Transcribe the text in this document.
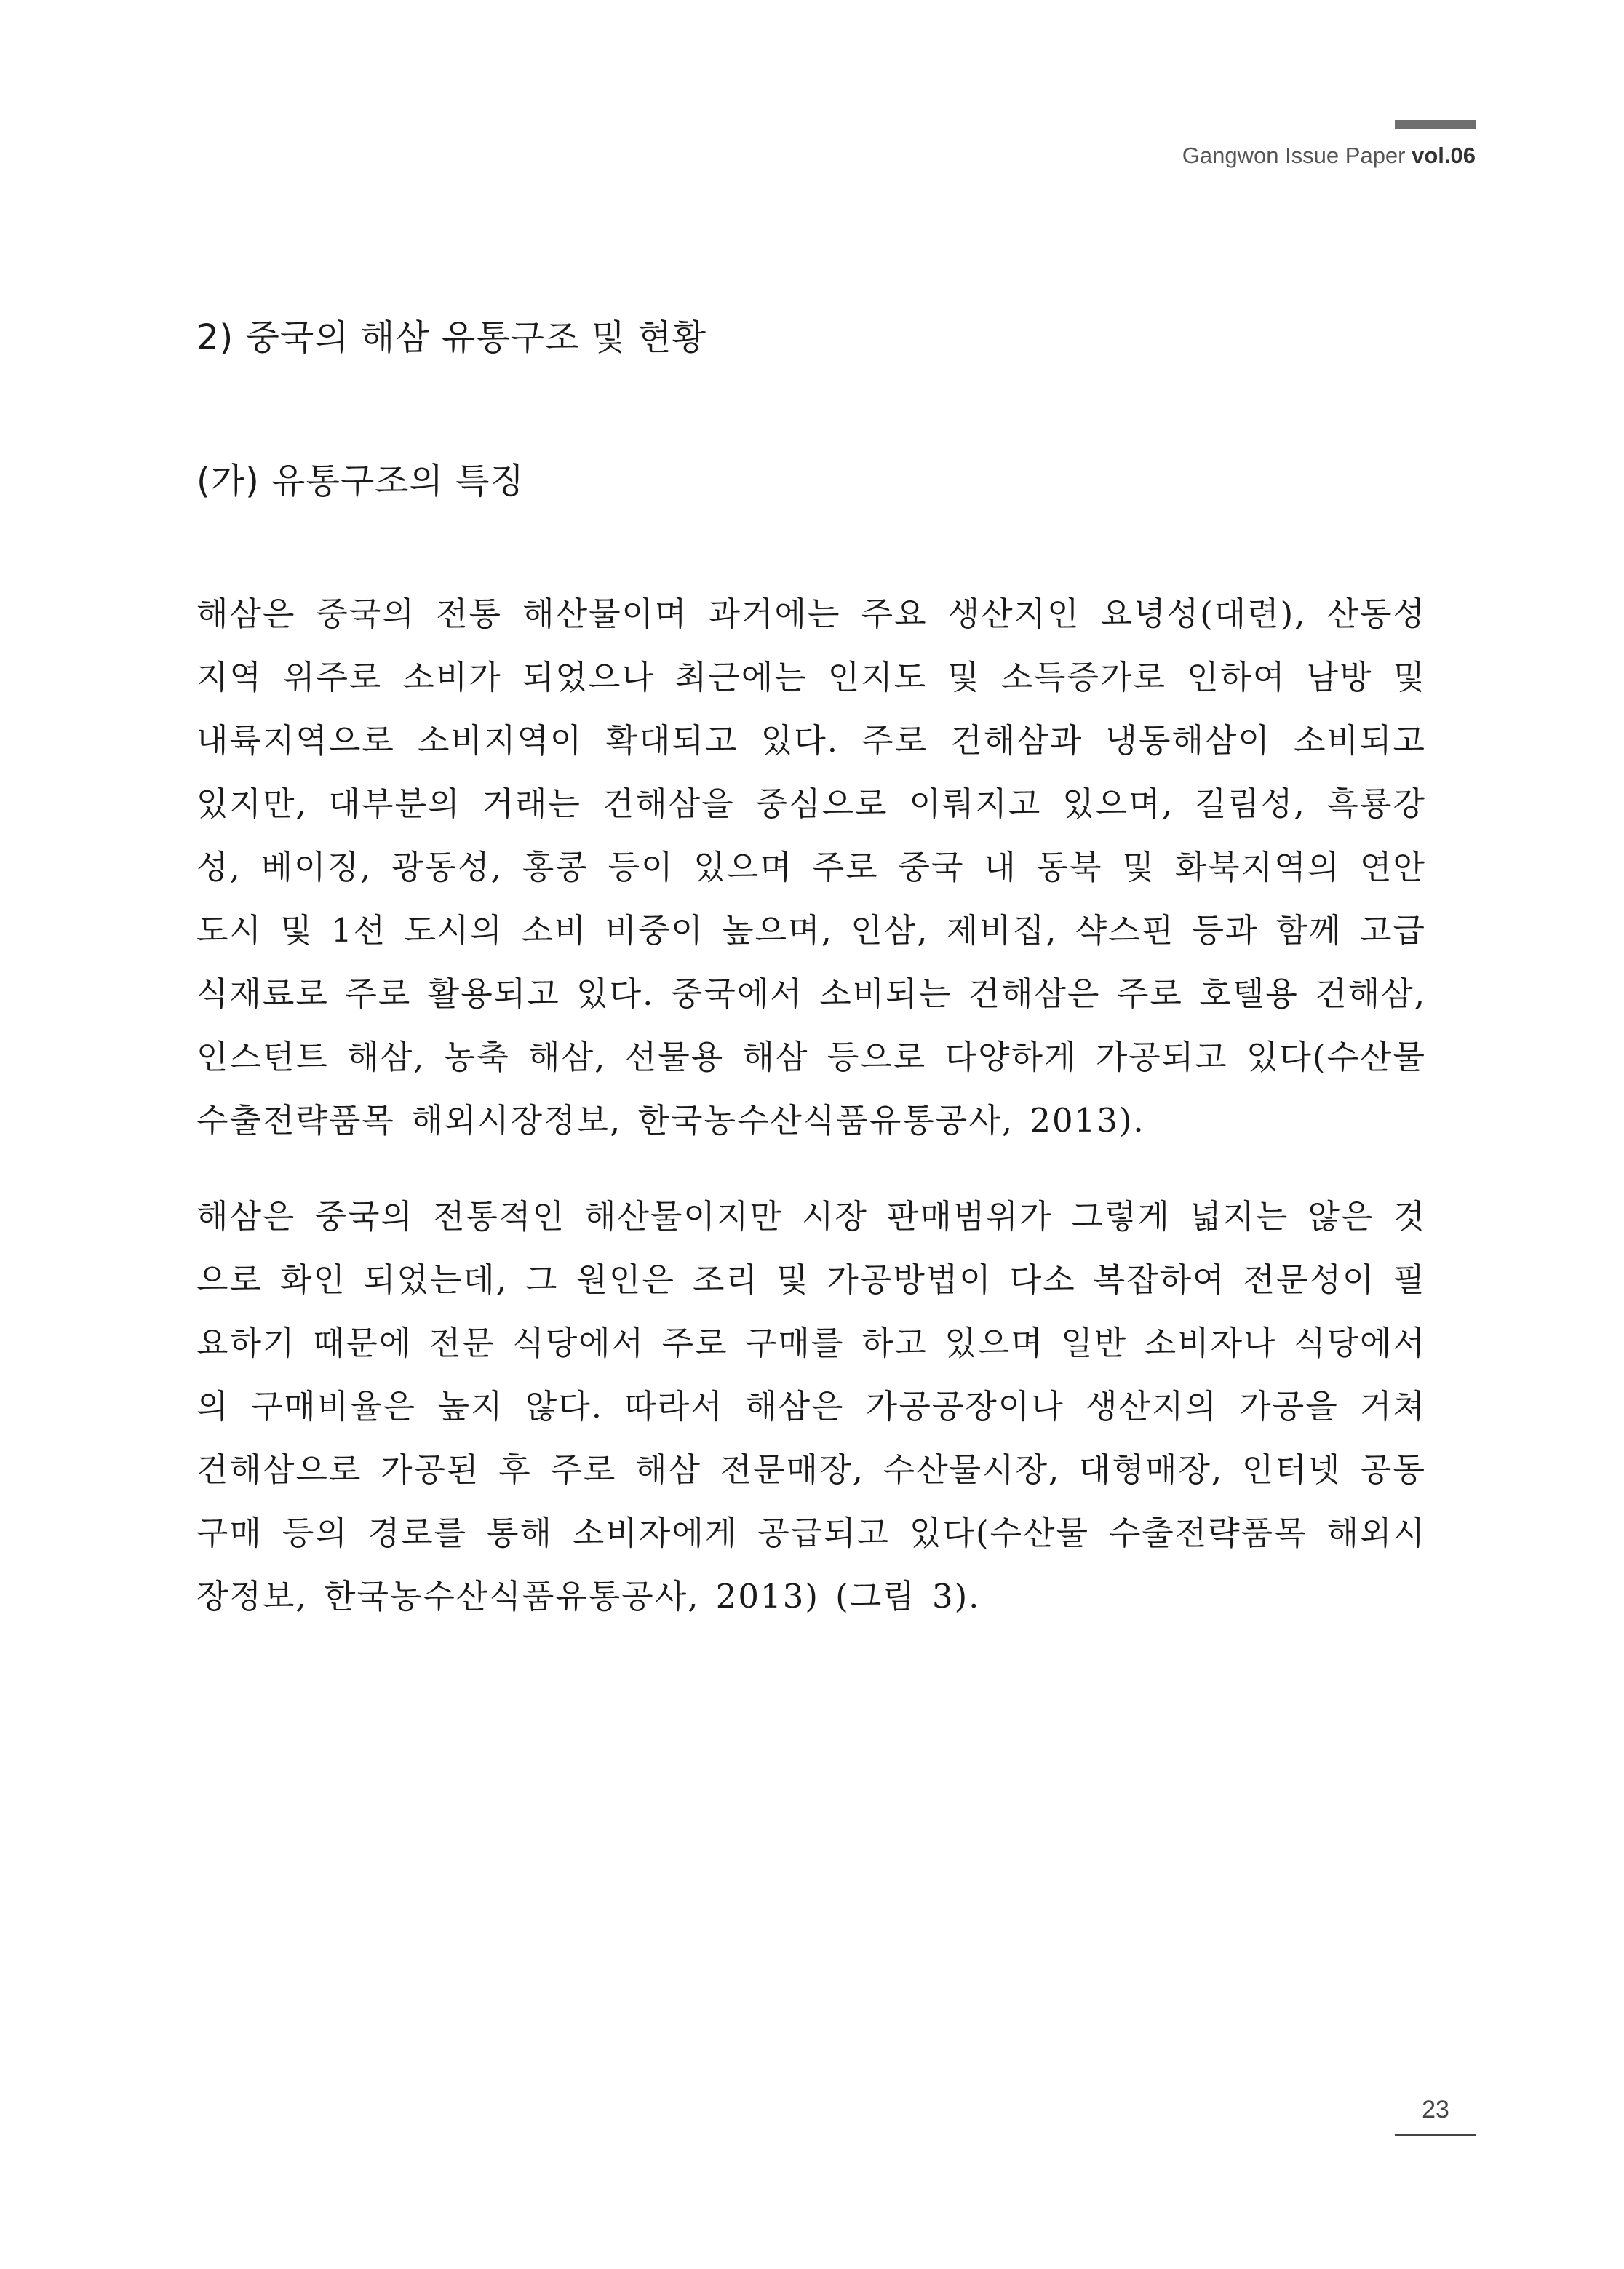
Gangwon Issue Paper vol.06
2) 중국의 해삼 유통구조 및 현황
(가) 유통구조의 특징

해삼은 중국의 전통 해산물이며 과거에는 주요 생산지인 요녕성(대련), 산동성 지역 위주로 소비가 되었으나 최근에는 인지도 및 소득증가로 인하여 남방 및 내륙지역으로 소비지역이 확대되고 있다. 주로 건해삼과 냉동해삼이 소비되고 있지만, 대부분의 거래는 건해삼을 중심으로 이뤄지고 있으며, 길림성, 흑룡강성, 베이징, 광동성, 홍콩 등이 있으며 주로 중국 내 동북 및 화북지역의 연안 도시 및 1선 도시의 소비 비중이 높으며, 인삼, 제비집, 샥스핀 등과 함께 고급 식재료로 주로 활용되고 있다. 중국에서 소비되는 건해삼은 주로 호텔용 건해삼, 인스턴트 해삼, 농축 해삼, 선물용 해삼 등으로 다양하게 가공되고 있다(수산물 수출전략품목 해외시장정보, 한국농수산식품유통공사, 2013).

해삼은 중국의 전통적인 해산물이지만 시장 판매범위가 그렇게 넓지는 않은 것으로 화인 되었는데, 그 원인은 조리 및 가공방법이 다소 복잡하여 전문성이 필요하기 때문에 전문 식당에서 주로 구매를 하고 있으며 일반 소비자나 식당에서의 구매비율은 높지 않다. 따라서 해삼은 가공공장이나 생산지의 가공을 거쳐 건해삼으로 가공된 후 주로 해삼 전문매장, 수산물시장, 대형매장, 인터넷 공동구매 등의 경로를 통해 소비자에게 공급되고 있다(수산물 수출전략품목 해외시장정보, 한국농수산식품유통공사, 2013) (그림 3).

23
